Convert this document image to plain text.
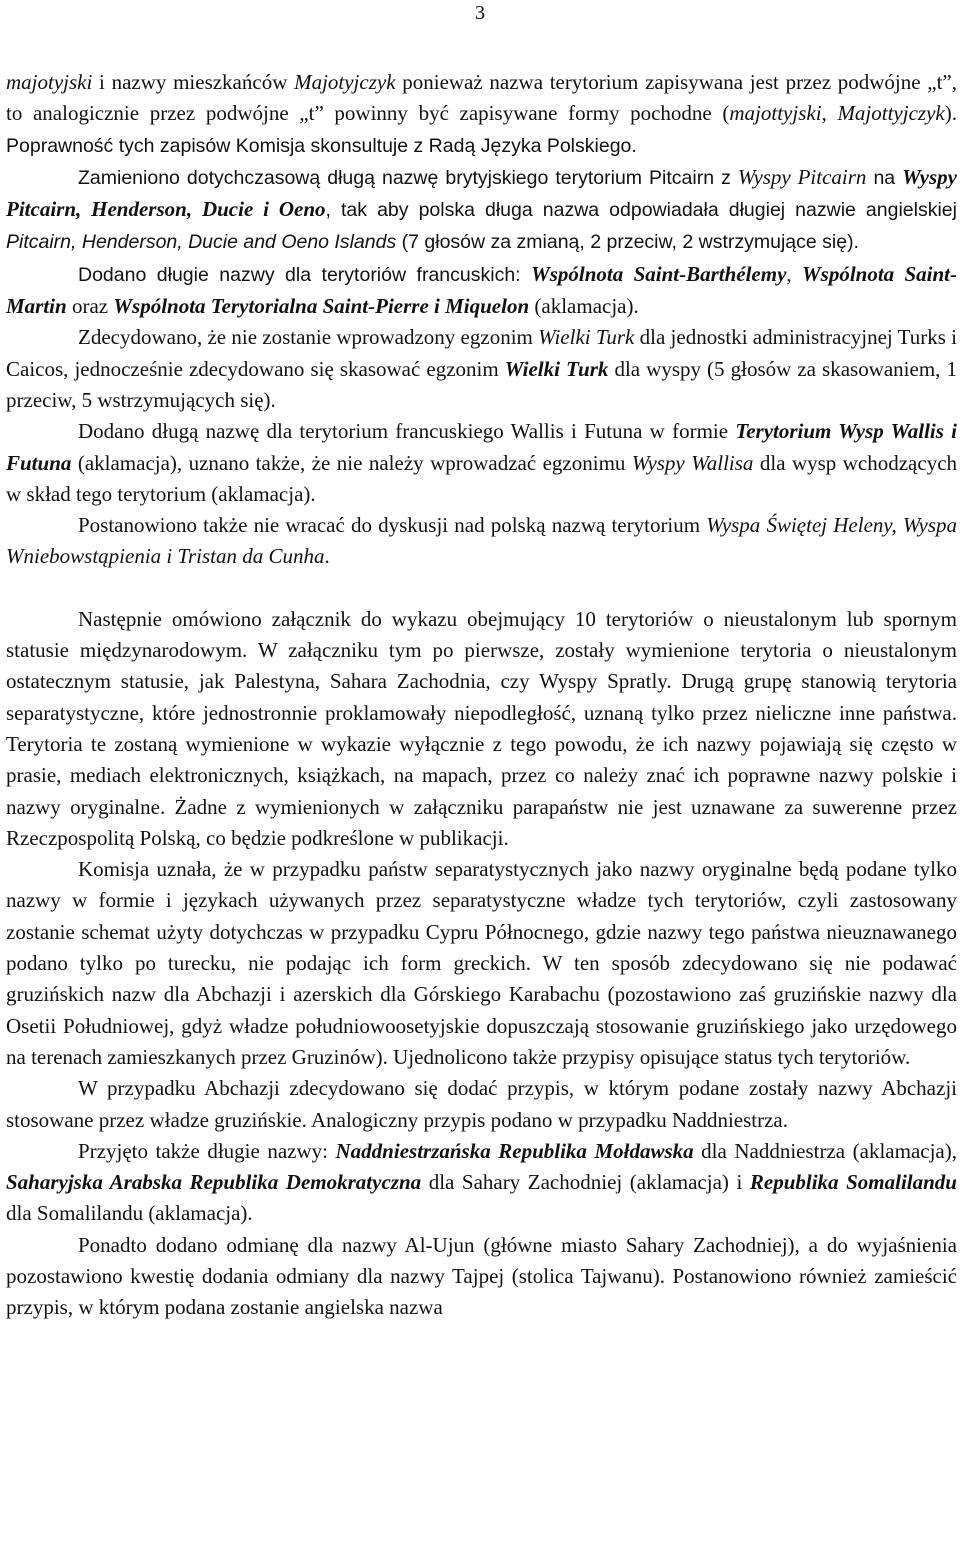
3

majotyjski i nazwy mieszkańców Majotyjczyk ponieważ nazwa terytorium zapisywana jest przez podwójne „t”, to analogicznie przez podwójne „t” powinny być zapisywane formy pochodne (majottyjski, Majottyjczyk). Poprawność tych zapisów Komisja skonsultuje z Radą Języka Polskiego.

Zamieniono dotychczasową długą nazwę brytyjskiego terytorium Pitcairn z Wyspy Pitcairn na Wyspy Pitcairn, Henderson, Ducie i Oeno, tak aby polska długa nazwa odpowiadała długiej nazwie angielskiej Pitcairn, Henderson, Ducie and Oeno Islands (7 głosów za zmianą, 2 przeciw, 2 wstrzymujące się).

Dodano długie nazwy dla terytoriów francuskich: Wspólnota Saint-Barthélemy, Wspólnota Saint-Martin oraz Wspólnota Terytorialna Saint-Pierre i Miquelon (aklamacja).

Zdecydowano, że nie zostanie wprowadzony egzonim Wielki Turk dla jednostki administracyjnej Turks i Caicos, jednocześnie zdecydowano się skasować egzonim Wielki Turk dla wyspy (5 głosów za skasowaniem, 1 przeciw, 5 wstrzymujących się).

Dodano długą nazwę dla terytorium francuskiego Wallis i Futuna w formie Terytorium Wysp Wallis i Futuna (aklamacja), uznano także, że nie należy wprowadzać egzonimu Wyspy Wallisa dla wysp wchodzących w skład tego terytorium (aklamacja).

Postanowiono także nie wracać do dyskusji nad polską nazwą terytorium Wyspa Świętej Heleny, Wyspa Wniebowstąpienia i Tristan da Cunha.

Następnie omówiono załącznik do wykazu obejmujący 10 terytoriów o nieustalonym lub spornym statusie międzynarodowym. W załączniku tym po pierwsze, zostały wymienione terytoria o nieustalonym ostatecznym statusie, jak Palestyna, Sahara Zachodnia, czy Wyspy Spratly. Drugą grupę stanowią terytoria separatystyczne, które jednostronnie proklamowały niepodległość, uznaną tylko przez nieliczne inne państwa. Terytoria te zostaną wymienione w wykazie wyłącznie z tego powodu, że ich nazwy pojawiają się często w prasie, mediach elektronicznych, książkach, na mapach, przez co należy znać ich poprawne nazwy polskie i nazwy oryginalne. Żadne z wymienionych w załączniku parapaństw nie jest uznawane za suwerenne przez Rzeczpospolitą Polską, co będzie podkreślone w publikacji.

Komisja uznała, że w przypadku państw separatystycznych jako nazwy oryginalne będą podane tylko nazwy w formie i językach używanych przez separatystyczne władze tych terytoriów, czyli zastosowany zostanie schemat użyty dotychczas w przypadku Cypru Północnego, gdzie nazwy tego państwa nieuznawanego podano tylko po turecku, nie podając ich form greckich. W ten sposób zdecydowano się nie podawać gruzińskich nazw dla Abchazji i azerskich dla Górskiego Karabachu (pozostawiono zaś gruzińskie nazwy dla Osetii Południowej, gdyż władze południowoosetyjskie dopuszczają stosowanie gruzińskiego jako urzędowego na terenach zamieszkanych przez Gruzinów). Ujednolicono także przypisy opisujące status tych terytoriów.

W przypadku Abchazji zdecydowano się dodać przypis, w którym podane zostały nazwy Abchazji stosowane przez władze gruzińskie. Analogiczny przypis podano w przypadku Naddniestrza.

Przyjęto także długie nazwy: Naddniestrzańska Republika Mołdawska dla Naddniestrza (aklamacja), Saharyjska Arabska Republika Demokratyczna dla Sahary Zachodniej (aklamacja) i Republika Somalilandu dla Somalilandu (aklamacja).

Ponadto dodano odmianę dla nazwy Al-Ujun (główne miasto Sahary Zachodniej), a do wyjaśnienia pozostawiono kwestię dodania odmiany dla nazwy Tajpej (stolica Tajwanu). Postanowiono również zamieścić przypis, w którym podana zostanie angielska nazwa
